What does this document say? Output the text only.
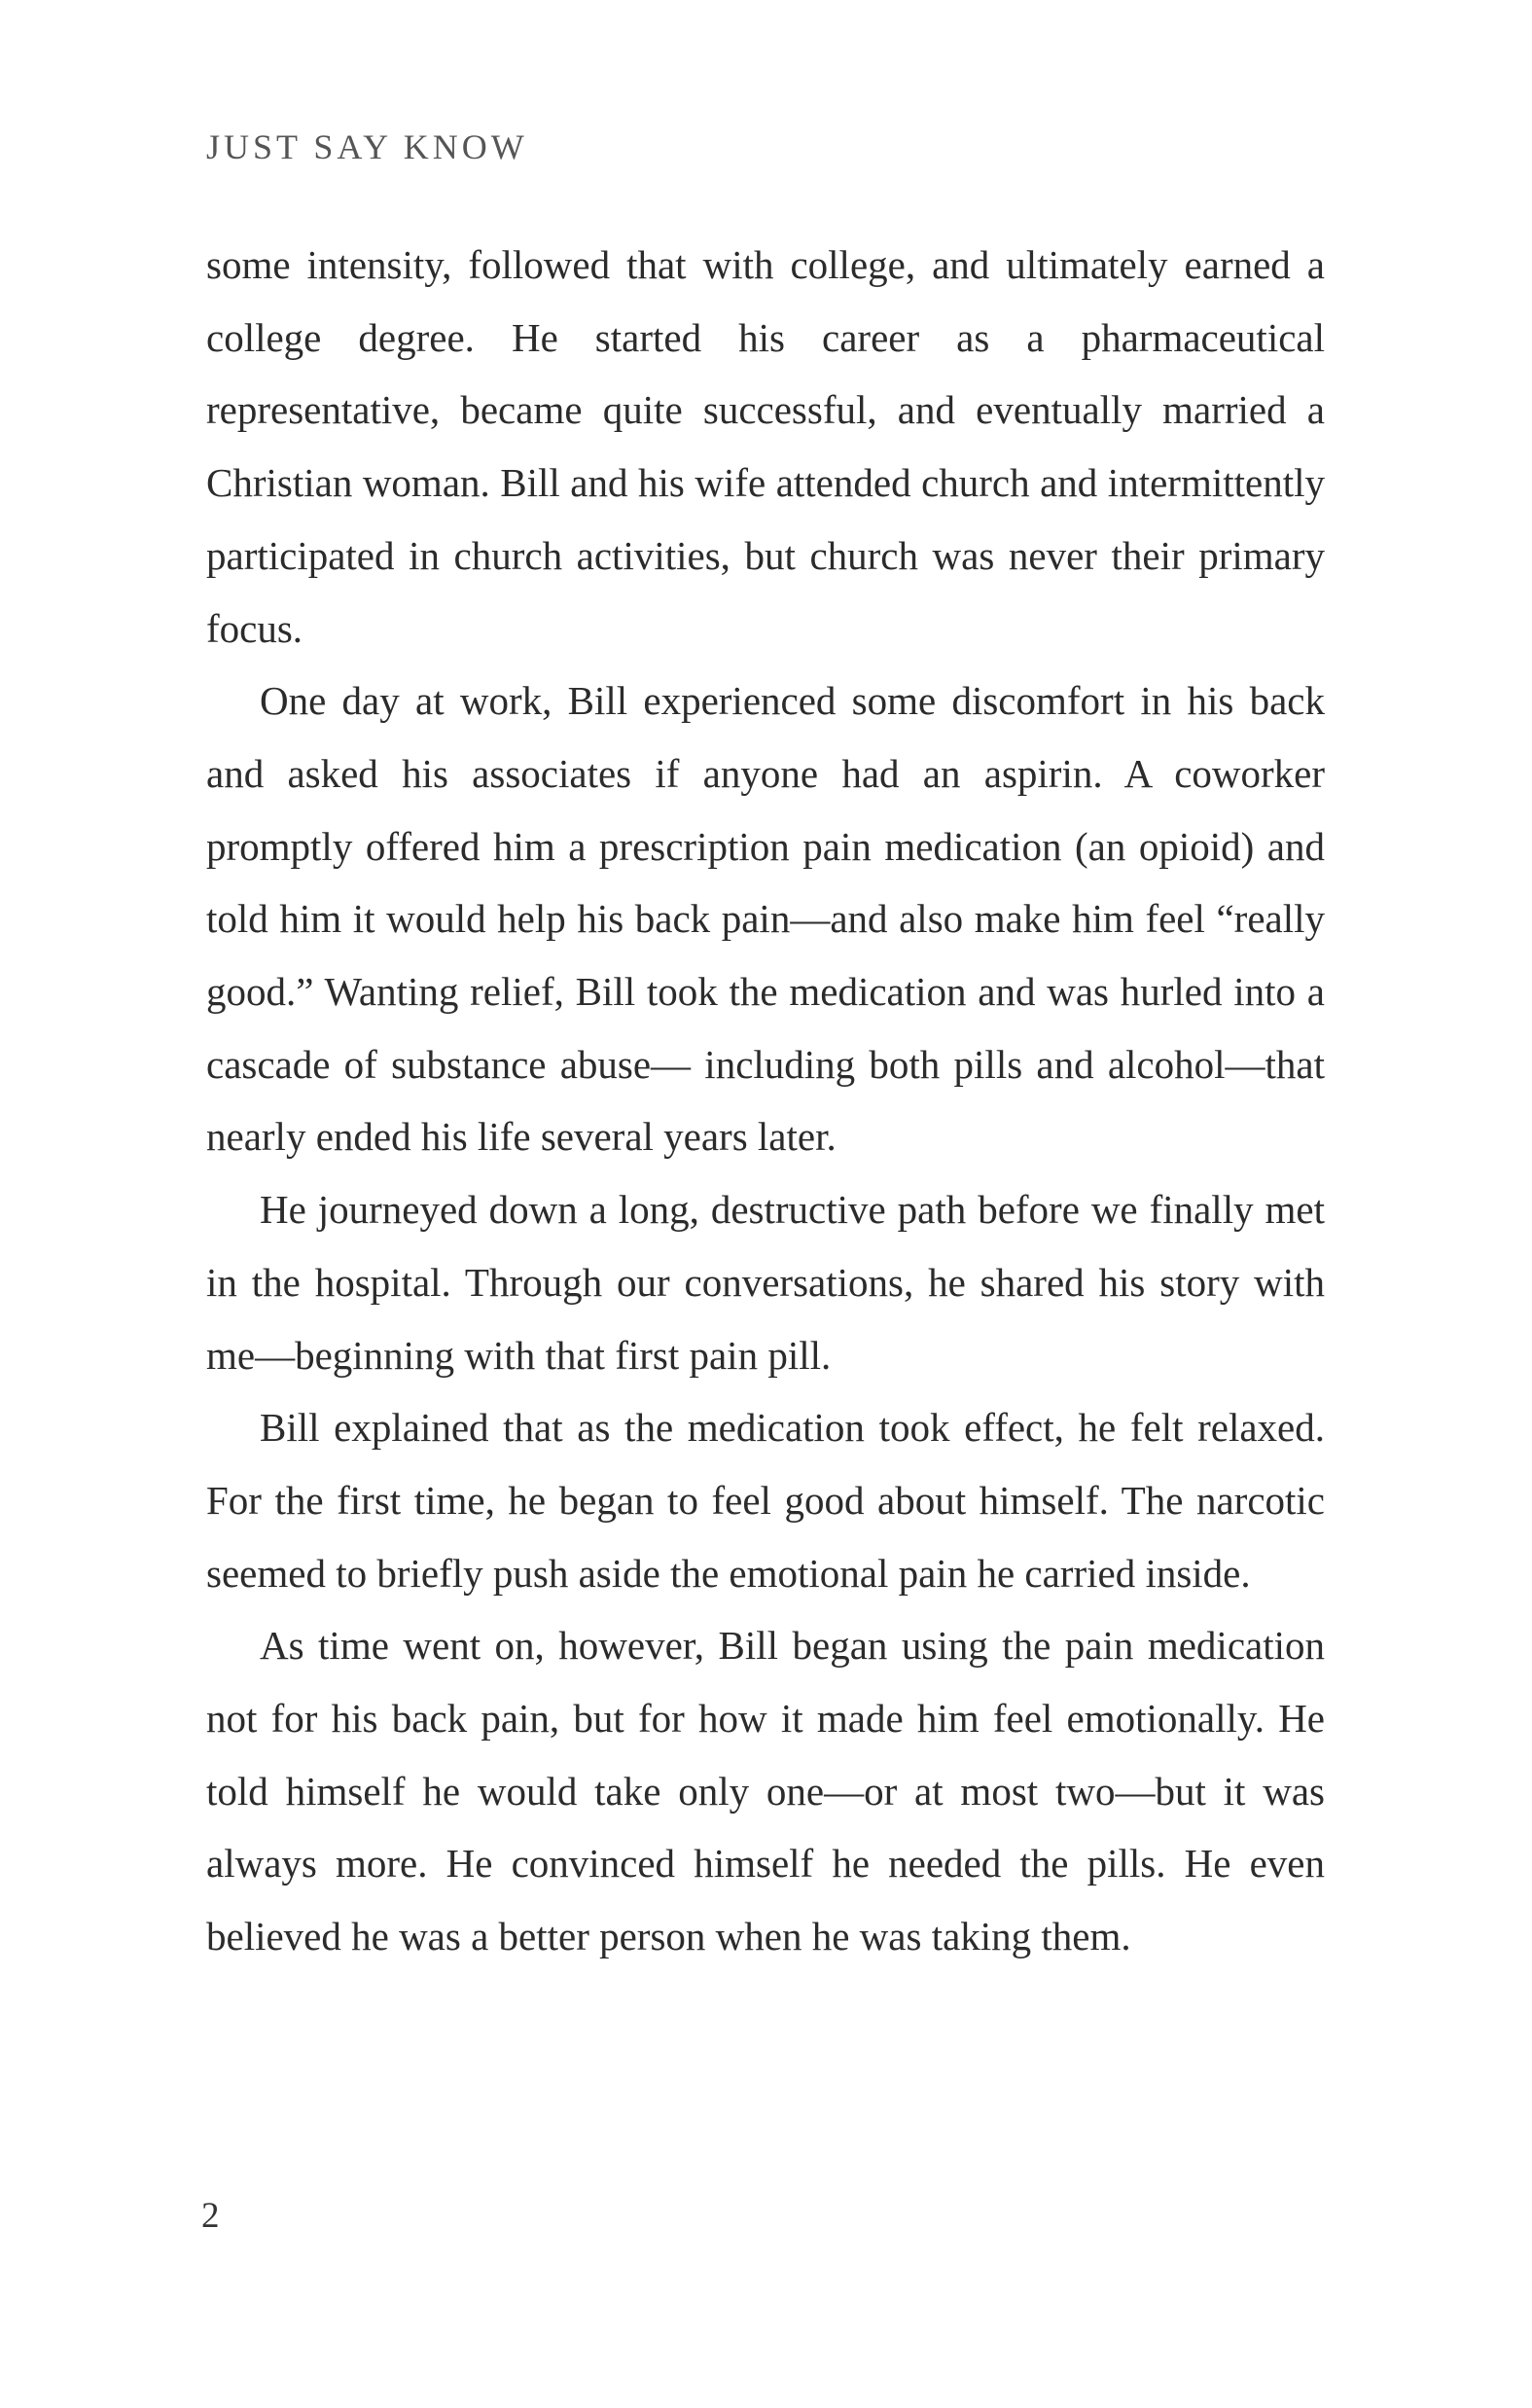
JUST SAY KNOW

some intensity, followed that with college, and ultimately earned a college degree. He started his career as a pharmaceutical representative, became quite successful, and eventually married a Christian woman. Bill and his wife attended church and intermittently participated in church activities, but church was never their primary focus.

One day at work, Bill experienced some discomfort in his back and asked his associates if anyone had an aspirin. A coworker promptly offered him a prescription pain medication (an opioid) and told him it would help his back pain—and also make him feel “really good.” Wanting relief, Bill took the medication and was hurled into a cascade of substance abuse— including both pills and alcohol—that nearly ended his life several years later.

He journeyed down a long, destructive path before we finally met in the hospital. Through our conversations, he shared his story with me—beginning with that first pain pill.

Bill explained that as the medication took effect, he felt relaxed. For the first time, he began to feel good about himself. The narcotic seemed to briefly push aside the emotional pain he carried inside.

As time went on, however, Bill began using the pain medication not for his back pain, but for how it made him feel emotionally. He told himself he would take only one—or at most two—but it was always more. He convinced himself he needed the pills. He even believed he was a better person when he was taking them.

2
